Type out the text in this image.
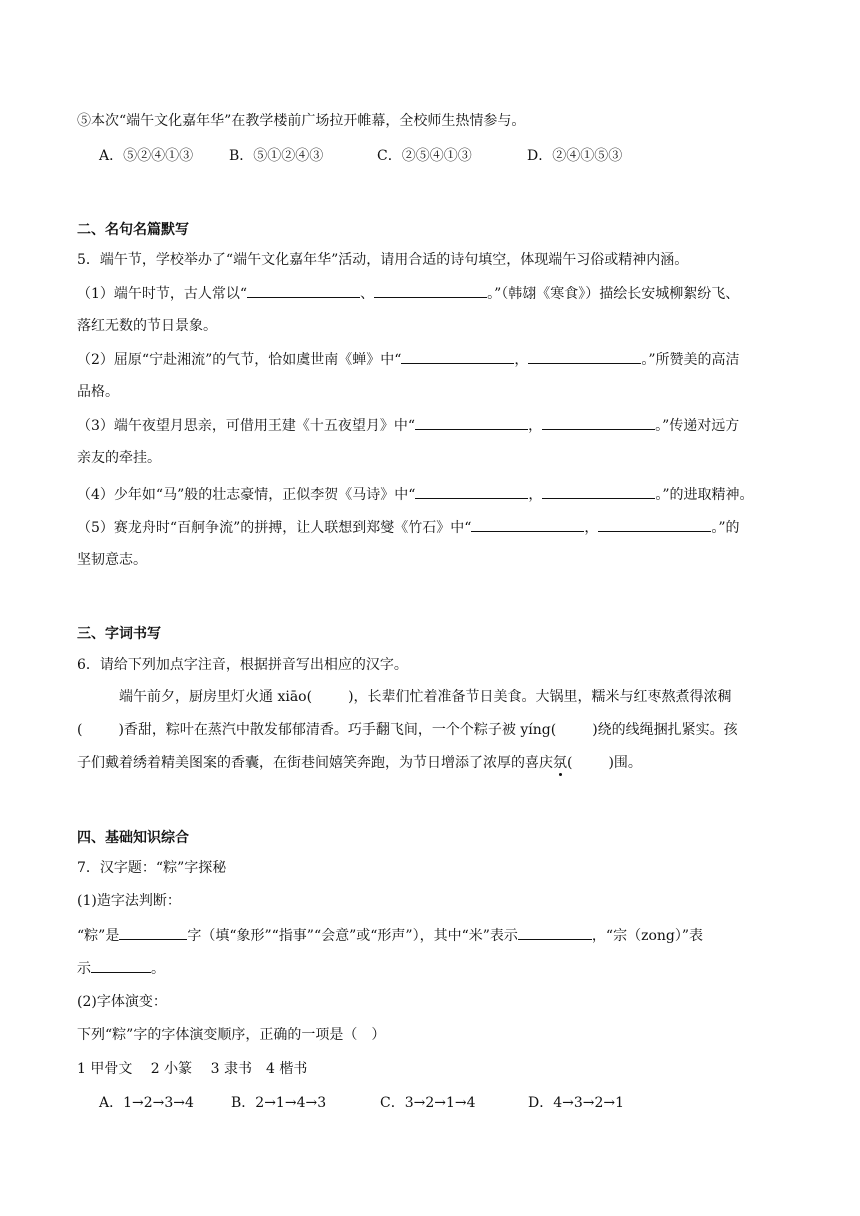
⑤本次“端午文化嘉年华”在教学楼前广场拉开帷幕，全校师生热情参与。
A．⑤②④①③	B．⑤①②④③	C．②⑤④①③	D．②④①⑤③
二、名句名篇默写
5．端午节，学校举办了“端午文化嘉年华”活动，请用合适的诗句填空，体现端午习俗或精神内涵。
（1）端午时节，古人常以“	、	。”（韩翃《寒食》）描绘长安城柳絮纷飞、
落红无数的节日景象。
（2）屈原“宁赴湘流”的气节，恰如虞世南《蝉》中“	，	。”所赞美的高洁
品格。
（3）端午夜望月思亲，可借用王建《十五夜望月》中“	，	。”传递对远方
亲友的牵挂。
（4）少年如“马”般的壮志豪情，正似李贺《马诗》中“	，	。”的进取精神。
（5）赛龙舟时“百舸争流”的拼搏，让人联想到郑燮《竹石》中“	，	。”的
坚韧意志。
三、字词书写
6．请给下列加点字注音，根据拼音写出相应的汉字。
端午前夕，厨房里灯火通 xiāo(	)，长辈们忙着准备节日美食。大锅里，糯米与红枣熬煮得浓稠
(	)香甜，粽叶在蒸汽中散发郁郁清香。巧手翻飞间，一个个粽子被 yíng(	)绕的线绳捆扎紧实。孩
子们戴着绣着精美图案的香囊，在街巷间嬉笑奔跑，为节日增添了浓厚的喜庆氛(	)围。
四、基础知识综合
7．汉字题：“粽”字探秘
(1)造字法判断：
“粽”是	字（填“象形”“指事”“会意”或“形声”），其中“米”表示	，“宗（zong）”表
示	。
(2)字体演变：
下列“粽”字的字体演变顺序，正确的一项是（　）
1 甲骨文　 2 小篆　 3 隶书　4 楷书
A．1→2→3→4	B．2→1→4→3	C．3→2→1→4	D．4→3→2→1
